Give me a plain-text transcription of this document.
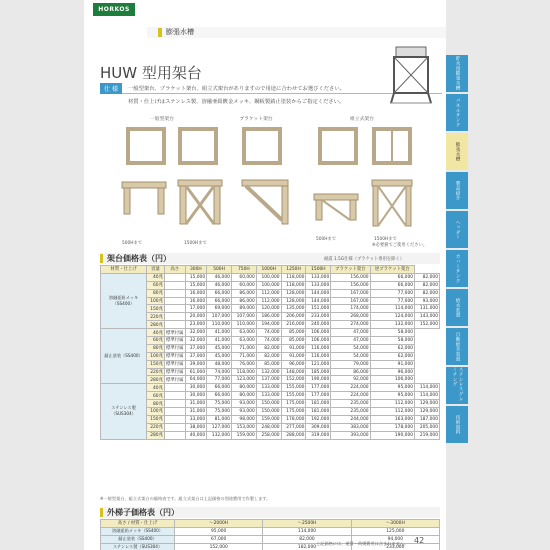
HORKOS
膨張水槽
HUW 型用架台
仕 様	一般型架台、ブラケット架台、組立式架台がありますので用途に合わせてお選びください。
材質・仕上げはステンレス製、溶融亜鉛鍍金メッキ、鋼板製錆止塗装からご指定ください。
一般型架台	ブラケット架台	組立式架台
500Hまで	1500Hまで
500Hまで	1500Hまで
※必要値でご使用ください。
架台価格表（円）	耐震 1.5G仕様（ブラケット専用を除く）
材質・仕上げ	容量	高さ	300H	500H	750H	1000H	1250H	1500H	ブラケット架台	逆ブラケット架台	
溶融亜鉛メッキ（SS400）	40兆		15,000	46,000	60,000	100,000	118,000	133,000	156,000	66,000	82,000
	60兆		15,000	46,000	60,000	100,000	118,000	133,000	156,000	66,000	82,000
	80兆		16,000	66,000	86,000	112,000	128,000	144,000	167,000	77,000	82,000
	100兆		16,000	66,000	86,000	112,000	128,000	144,000	167,000	77,000	93,000
	150兆		17,000	69,000	89,000	120,000	135,000	151,000	174,000	114,000	131,000
	220兆		20,000	107,000	107,000	186,000	206,000	233,000	268,000	124,000	143,000
	280兆		23,000	110,000	110,000	194,000	216,000	240,000	274,000	132,000	152,000
錆止塗装（SS400）	40兆	標準付属	32,000	41,000	63,000	74,000	85,000	106,000	47,000	58,000	
	60兆	標準付属	32,000	41,000	63,000	74,000	85,000	106,000	47,000	58,000	
	80兆	標準付属	37,000	45,000	71,000	82,000	91,000	116,000	54,000	62,000	
	100兆	標準付属	37,000	45,000	71,000	82,000	91,000	116,000	54,000	62,000	
	150兆	標準付属	39,000	48,000	76,000	85,000	96,000	121,000	79,000	91,000	
	220兆	標準付属	61,000	74,000	118,000	132,000	148,000	185,000	86,000	96,000	
	280兆	標準付属	64,000	77,000	123,000	137,000	152,000	190,000	92,000	106,000	
ステンレス製（SUS304）	40兆		30,000	66,000	80,000	133,000	155,000	177,000	224,000	95,000	114,000
	60兆		30,000	66,000	80,000	133,000	155,000	177,000	224,000	95,000	114,000
	80兆		31,000	75,000	93,000	150,000	175,000	181,000	235,000	112,000	129,000
	100兆		31,000	75,000	93,000	150,000	175,000	181,000	235,000	112,000	129,000
	150兆		33,000	81,000	98,000	159,000	178,000	192,000	244,000	163,000	187,000
	220兆		38,000	127,000	153,000	248,000	277,000	309,000	383,000	178,000	205,000
	280兆		40,000	132,000	159,000	258,000	288,000	319,000	393,000	190,000	219,000
※一般型架台、組立式架台の価格表です。組立式架台は上記価格の別途費用で作製します。
外梯子価格表（円）
高さ / 材質・仕上げ	～2000H	～2500H	～3000H
溶融亜鉛メッキ（SS400）	95,000	114,000	125,000
錆止塗装（SS400）	67,000	82,000	94,000
ステンレス製（SUS304）	152,000	182,000	233,000
上記価格には、運賃・荷揚費用は含まれません。 42
貯水用膨張水槽
パネルタンク
膨張水槽
製品紹介
ヘッダー
カバータンク
給水装置
自動給水装置
ステンレスグレーチング
技術資料
